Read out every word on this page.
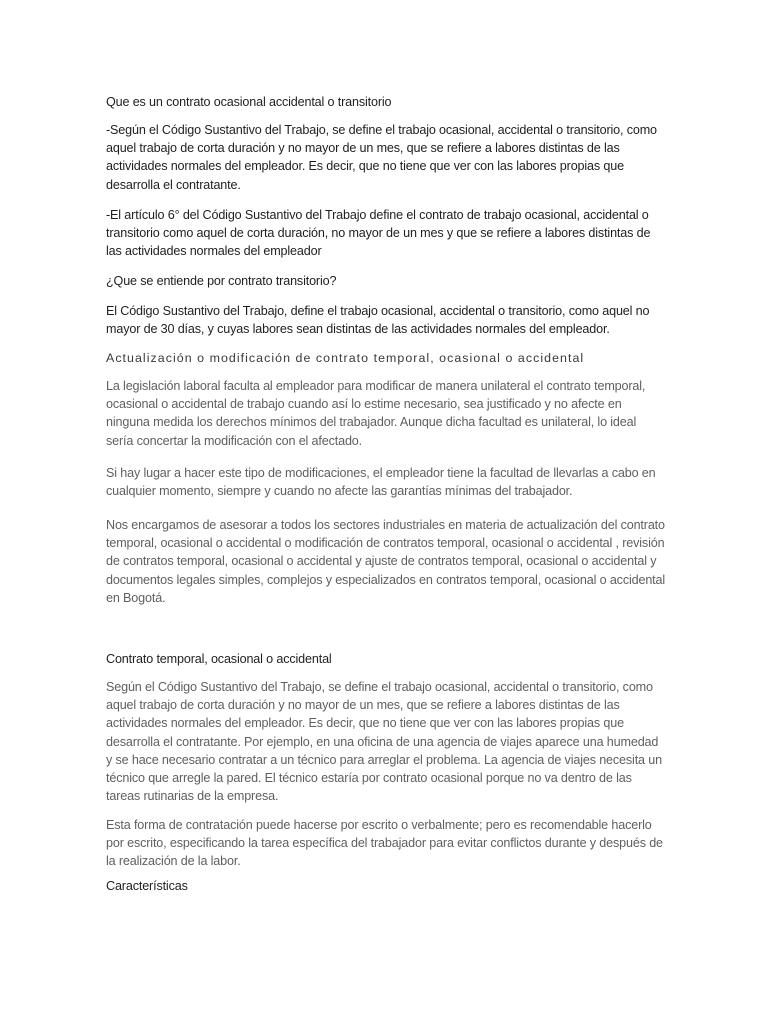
Que es un contrato ocasional accidental o transitorio

-Según el Código Sustantivo del Trabajo, se define el trabajo ocasional, accidental o transitorio, como aquel trabajo de corta duración y no mayor de un mes, que se refiere a labores distintas de las actividades normales del empleador. Es decir, que no tiene que ver con las labores propias que desarrolla el contratante.

-El artículo 6° del Código Sustantivo del Trabajo define el contrato de trabajo ocasional, accidental o transitorio como aquel de corta duración, no mayor de un mes y que se refiere a labores distintas de las actividades normales del empleador

¿Que se entiende por contrato transitorio?

El Código Sustantivo del Trabajo, define el trabajo ocasional, accidental o transitorio, como aquel no mayor de 30 días, y cuyas labores sean distintas de las actividades normales del empleador.

Actualización o modificación de contrato temporal, ocasional o accidental

La legislación laboral faculta al empleador para modificar de manera unilateral el contrato temporal, ocasional o accidental de trabajo cuando así lo estime necesario, sea justificado y no afecte en ninguna medida los derechos mínimos del trabajador. Aunque dicha facultad es unilateral, lo ideal sería concertar la modificación con el afectado.

Si hay lugar a hacer este tipo de modificaciones, el empleador tiene la facultad de llevarlas a cabo en cualquier momento, siempre y cuando no afecte las garantías mínimas del trabajador.

Nos encargamos de asesorar a todos los sectores industriales en materia de actualización del contrato temporal, ocasional o accidental o modificación de contratos temporal, ocasional o accidental , revisión de contratos temporal, ocasional o accidental y ajuste de contratos temporal, ocasional o accidental y documentos legales simples, complejos y especializados en contratos temporal, ocasional o accidental en Bogotá.

Contrato temporal, ocasional o accidental

Según el Código Sustantivo del Trabajo, se define el trabajo ocasional, accidental o transitorio, como aquel trabajo de corta duración y no mayor de un mes, que se refiere a labores distintas de las actividades normales del empleador. Es decir, que no tiene que ver con las labores propias que desarrolla el contratante. Por ejemplo, en una oficina de una agencia de viajes aparece una humedad y se hace necesario contratar a un técnico para arreglar el problema. La agencia de viajes necesita un técnico que arregle la pared. El técnico estaría por contrato ocasional porque no va dentro de las tareas rutinarias de la empresa.

Esta forma de contratación puede hacerse por escrito o verbalmente; pero es recomendable hacerlo por escrito, especificando la tarea específica del trabajador para evitar conflictos durante y después de la realización de la labor.

Características
